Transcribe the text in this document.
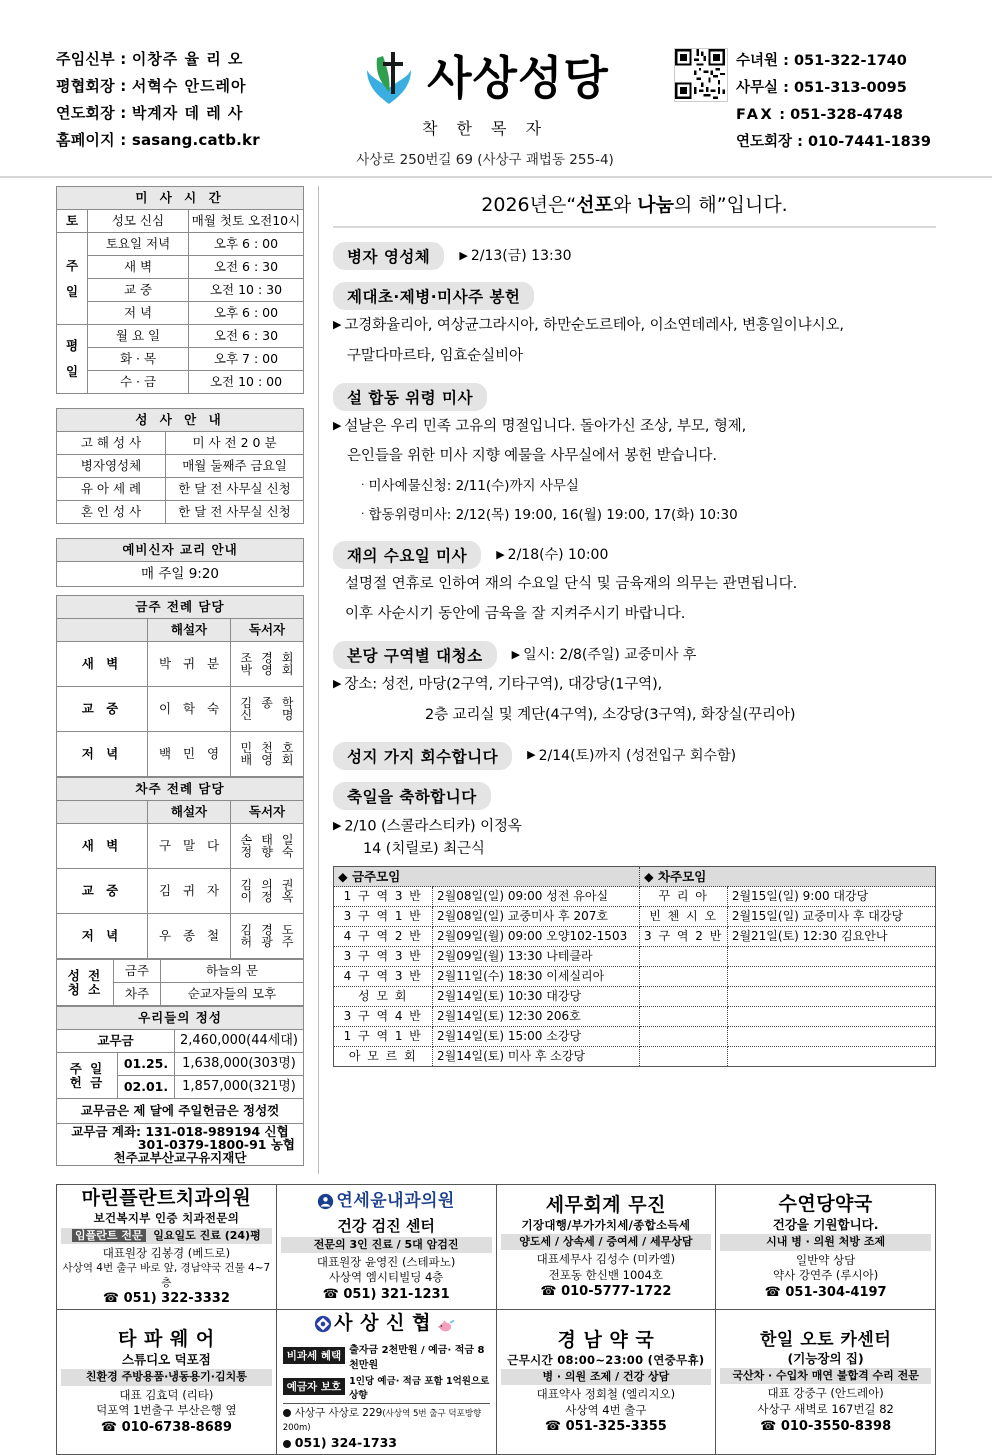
주임신부 : 이창주 율 리 오
평협회장 : 서혁수 안드레아
연도회장 : 박계자 데 레 사
홈페이지 : sasang.catb.kr
사상성당
착 한 목 자
사상로 250번길 69 (사상구 괘법동 255-4)
수녀원 : 051-322-1740
사무실 : 051-313-0095
FAX : 051-328-4748
연도회장 : 010-7441-1839
미 사 시 간		
토	성모 신심	매월 첫토 오전10시
주 일	토요일 저녁	오후 6 : 00
	새 벽	오전 6 : 30
	교 중	오전 10 : 30
	저 녁	오후 6 : 00
평 일	월 요 일	오전 6 : 30
	화 · 목	오후 7 : 00
	수 · 금	오전 10 : 00
성 사 안 내	
고 해 성 사	미 사 전 2 0 분
병자영성체	매월 둘째주 금요일
유 아 세 례	한 달 전 사무실 신청
혼 인 성 사	한 달 전 사무실 신청
예비신자 교리 안내
매 주일 9:20
금주 전례 담당		
	해설자	독서자
새 벽	박 귀 분	조 경 회
박 영 회

교 중	이 학 숙	김 종 학
신 명

저 녁	백 민 영	민 천 호
배 영 회
차주 전례 담당		
	해설자	독서자
새 벽	구 말 다	손 태 일
정 향 숙

교 중	김 귀 자	김 의 권
이 정 옥

저 녁	우 종 철	김 경 도
허 광 주
성 전
청 소	금주	하늘의 문
	차주	순교자들의 모후
우리들의 정성		
교무금		2,460,000(44세대)

주 일
헌 금	01.25.	1,638,000(303명)
	02.01.	1,857,000(321명)
교무금은 제 달에 주일헌금은 정성껏		
교무금 계좌: 131-018-989194 신협
301-0379-1800-91 농협
천주교부산교구유지재단		
2026년은“선포와 나눔의 해”입니다.
병자 영성체	▶ 2/13(금) 13:30
제대초·제병·미사주 봉헌
▶ 고경화율리아, 여상균그라시아, 하만순도르테아, 이소연데레사, 변흥일이냐시오,
구말다마르타, 임효순실비아
설 합동 위령 미사
▶ 설날은 우리 민족 고유의 명절입니다. 돌아가신 조상, 부모, 형제,
은인들을 위한 미사 지향 예물을 사무실에서 봉헌 받습니다.
· 미사예물신청: 2/11(수)까지 사무실
· 합동위령미사: 2/12(목) 19:00, 16(월) 19:00, 17(화) 10:30
재의 수요일 미사	▶ 2/18(수) 10:00
설명절 연휴로 인하여 재의 수요일 단식 및 금육재의 의무는 관면됩니다.
이후 사순시기 동안에 금육을 잘 지켜주시기 바랍니다.
본당 구역별 대청소	▶ 일시: 2/8(주일) 교중미사 후
▶ 장소: 성전, 마당(2구역, 기타구역), 대강당(1구역),
2층 교리실 및 계단(4구역), 소강당(3구역), 화장실(꾸리아)
성지 가지 회수합니다	▶ 2/14(토)까지 (성전입구 회수함)
축일을 축하합니다
▶ 2/10 (스콜라스티카) 이정옥
14 (치릴로) 최근식
◆ 금주모임		◆ 차주모임	
1 구 역 3 반	2월08일(일) 09:00 성전 유아실	꾸 리 아	2월15일(일) 9:00 대강당
3 구 역 1 반	2월08일(일) 교중미사 후 207호	빈 첸 시 오	2월15일(일) 교중미사 후 대강당
4 구 역 2 반	2월09일(월) 09:00 오양102-1503	3 구 역 2 반	2월21일(토) 12:30 김요안나
3 구 역 3 반	2월09일(월) 13:30 나테클라		
4 구 역 3 반	2월11일(수) 18:30 이세실리아		
성 모 회	2월14일(토) 10:30 대강당		
3 구 역 4 반	2월14일(토) 12:30 206호		
1 구 역 1 반	2월14일(토) 15:00 소강당		
아 모 르 회	2월14일(토) 미사 후 소강당		
마린플란트치과의원
보건복지부 인증 치과전문의
임플란트 전문 일요일도 진료 (24)평
대표원장 김봉경 (베드로)
사상역 4번 출구 바로 앞, 경남약국 건물 4~7층
☎ 051) 322-3332

연세윤내과의원
건강 검진 센터
전문의 3인 진료 / 5대 암검진
대표원장 윤영진 (스테파노)
사상역 엠시티빌딩 4층
☎ 051) 321-1231

세무회계 무진
기장대행/부가가치세/종합소득세
양도세 / 상속세 / 증여세 / 세무상담
대표세무사 김성수 (미카엘)
전포동 한신밴 1004호
☎ 010-5777-1722

수연당약국
건강을 기원합니다.
시내 병 · 의원 처방 조제
일반약 상담
약사 강연주 (루시아)
☎ 051-304-4197

타 파 웨 어
스튜디오 덕포점
친환경 주방용품·냉동용기·김치통
대표 김효덕 (리타)
덕포역 1번출구 부산은행 옆
☎ 010-6738-8689

사 상 신 협
비과세 혜택 출자금 2천만원 / 예금· 적금 8천만원
예금자 보호 1인당 예금· 적금 포함 1억원으로 상향
사상구 사상로 229(사상역 5번 출구 덕포방향 200m)
051) 324-1733

경 남 약 국
근무시간 08:00~23:00 (연중무휴)
병 · 의원 조제 / 건강 상담
대표약사 정회철 (엘리지오)
사상역 4번 출구
☎ 051-325-3355

한일 오토 카센터
(기능장의 집)
국산차 · 수입차 매연 불합격 수리 전문
대표 강중구 (안드레아)
사상구 새벽로 167번길 82
☎ 010-3550-8398
